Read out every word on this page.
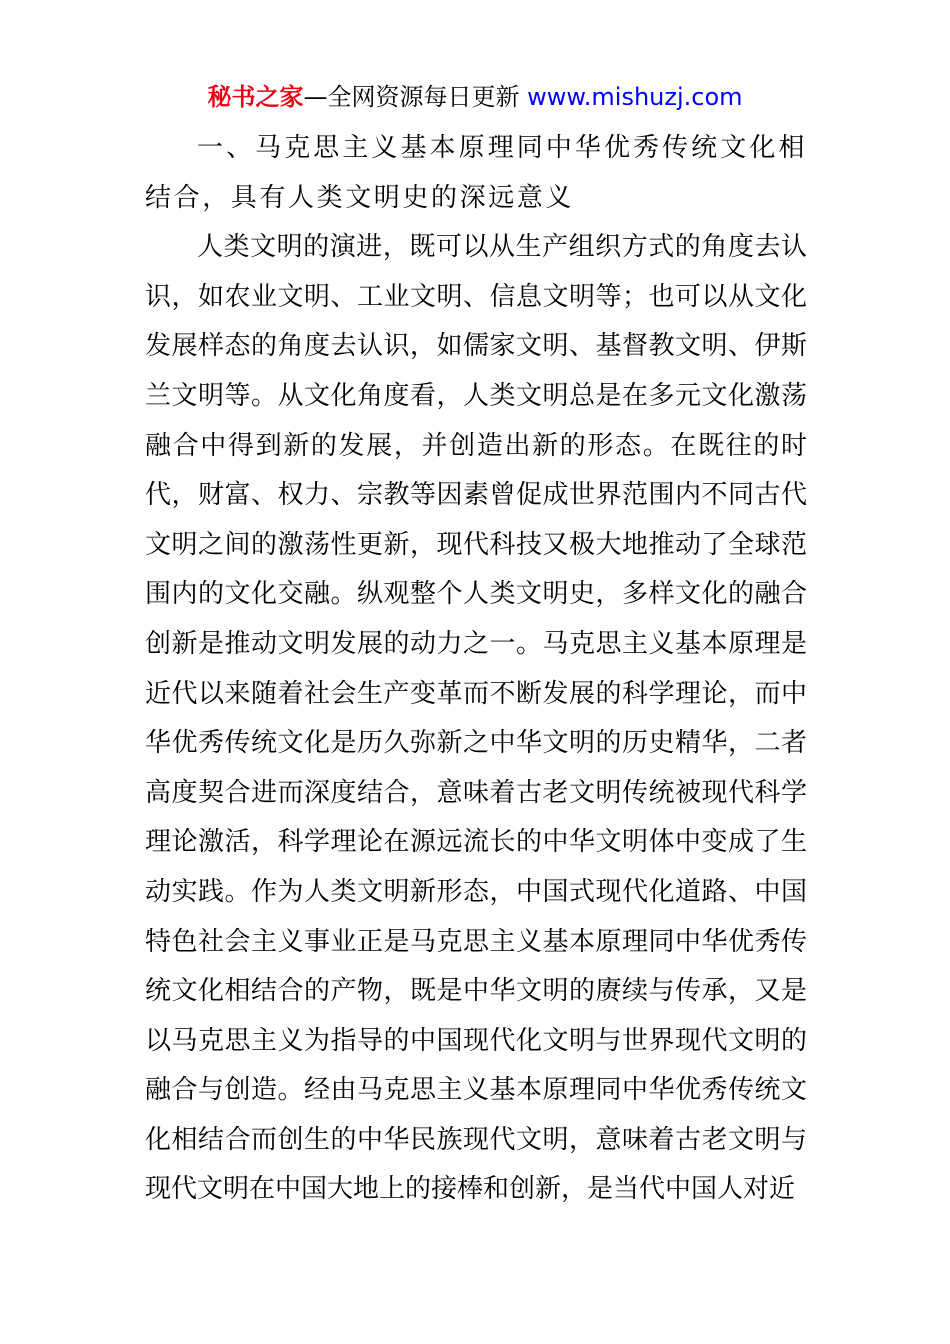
秘书之家—全网资源每日更新 www.mishuzj.com

一、马克思主义基本原理同中华优秀传统文化相结合，具有人类文明史的深远意义

人类文明的演进，既可以从生产组织方式的角度去认识，如农业文明、工业文明、信息文明等；也可以从文化发展样态的角度去认识，如儒家文明、基督教文明、伊斯兰文明等。从文化角度看，人类文明总是在多元文化激荡融合中得到新的发展，并创造出新的形态。在既往的时代，财富、权力、宗教等因素曾促成世界范围内不同古代文明之间的激荡性更新，现代科技又极大地推动了全球范围内的文化交融。纵观整个人类文明史，多样文化的融合创新是推动文明发展的动力之一。马克思主义基本原理是近代以来随着社会生产变革而不断发展的科学理论，而中华优秀传统文化是历久弥新之中华文明的历史精华，二者高度契合进而深度结合，意味着古老文明传统被现代科学理论激活，科学理论在源远流长的中华文明体中变成了生动实践。作为人类文明新形态，中国式现代化道路、中国特色社会主义事业正是马克思主义基本原理同中华优秀传统文化相结合的产物，既是中华文明的赓续与传承，又是以马克思主义为指导的中国现代化文明与世界现代文明的融合与创造。经由马克思主义基本原理同中华优秀传统文化相结合而创生的中华民族现代文明，意味着古老文明与现代文明在中国大地上的接棒和创新，是当代中国人对近
